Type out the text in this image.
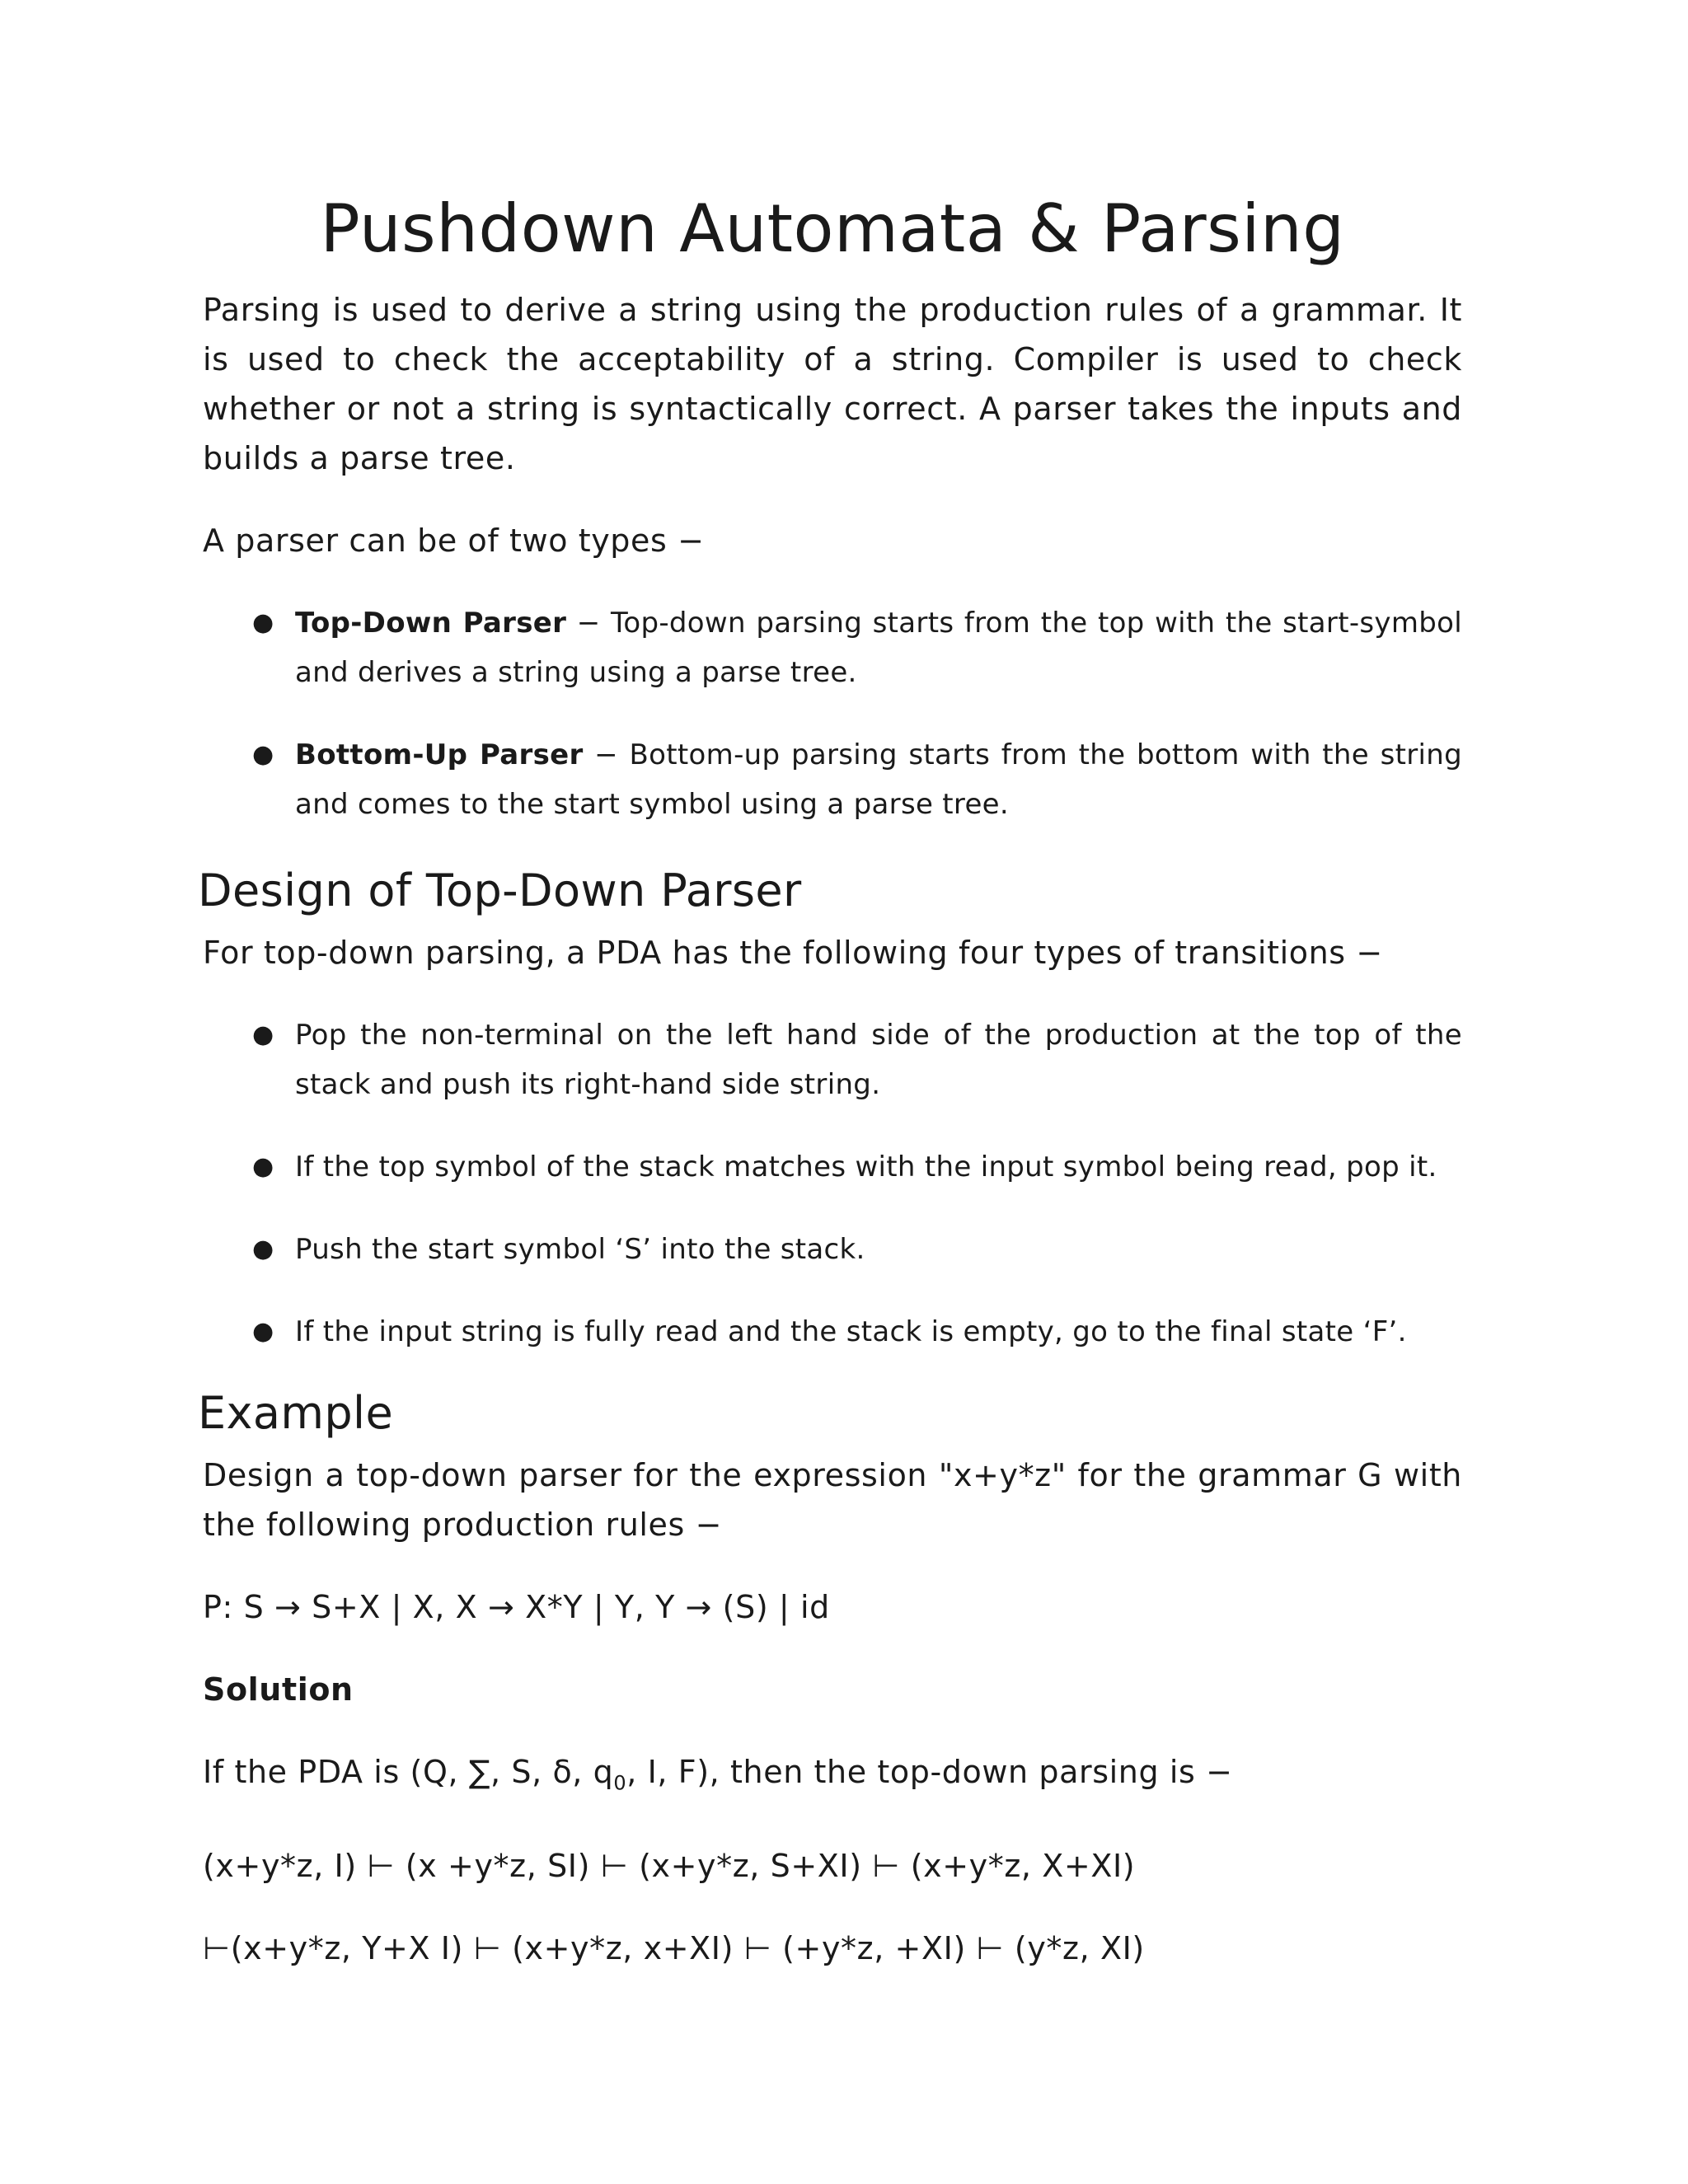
Pushdown Automata & Parsing

Parsing is used to derive a string using the production rules of a grammar. It is used to check the acceptability of a string. Compiler is used to check whether or not a string is syntactically correct. A parser takes the inputs and builds a parse tree.

A parser can be of two types −

● Top-Down Parser − Top-down parsing starts from the top with the start-symbol and derives a string using a parse tree.
● Bottom-Up Parser − Bottom-up parsing starts from the bottom with the string and comes to the start symbol using a parse tree.
Design of Top-Down Parser

For top-down parsing, a PDA has the following four types of transitions −

● Pop the non-terminal on the left hand side of the production at the top of the stack and push its right-hand side string.
● If the top symbol of the stack matches with the input symbol being read, pop it.
● Push the start symbol ‘S’ into the stack.
● If the input string is fully read and the stack is empty, go to the final state ‘F’.
Example

Design a top-down parser for the expression "x+y*z" for the grammar G with the following production rules −

P: S → S+X | X, X → X*Y | Y, Y → (S) | id

Solution

If the PDA is (Q, ∑, S, δ, $q_0$, I, F), then the top-down parsing is −

(x+y*z, I) ⊢ (x +y*z, SI) ⊢ (x+y*z, S+XI) ⊢ (x+y*z, X+XI)

⊢(x+y*z, Y+X I) ⊢ (x+y*z, x+XI) ⊢ (+y*z, +XI) ⊢ (y*z, XI)
